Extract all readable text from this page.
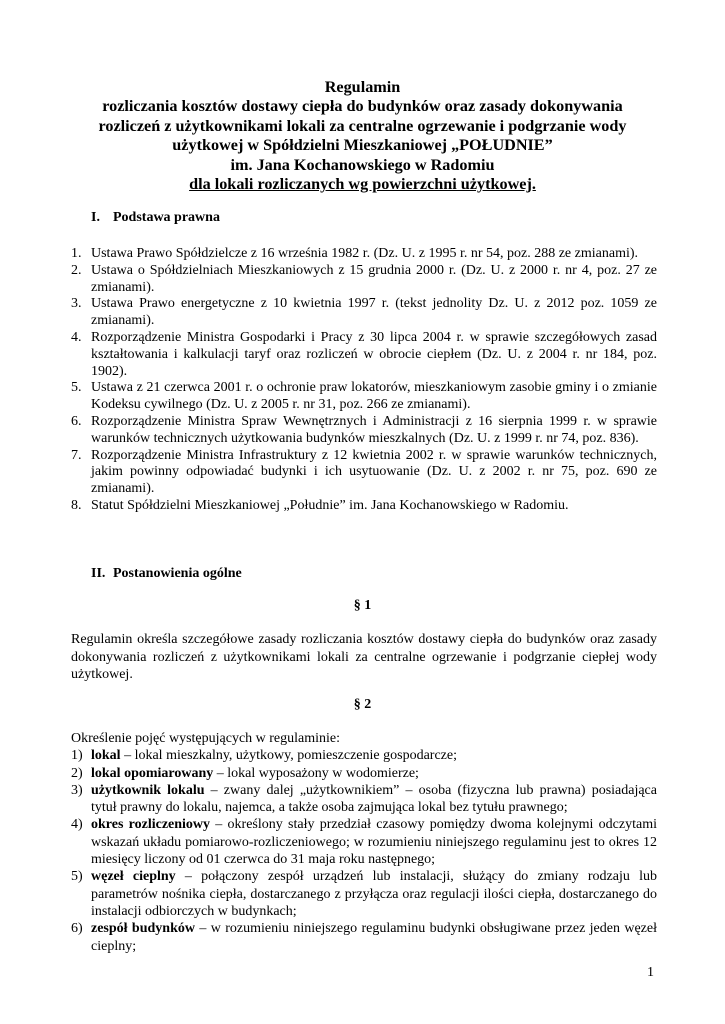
Regulamin
rozliczania kosztów dostawy ciepła do budynków oraz zasady dokonywania
rozliczeń z użytkownikami lokali za centralne ogrzewanie i podgrzanie wody
użytkowej w Spółdzielni Mieszkaniowej „POŁUDNIE”
im. Jana Kochanowskiego w Radomiu
dla lokali rozliczanych wg powierzchni użytkowej.
I. Podstawa prawna
1. Ustawa Prawo Spółdzielcze z 16 września 1982 r. (Dz. U. z 1995 r. nr 54, poz. 288 ze zmianami).
2. Ustawa o Spółdzielniach Mieszkaniowych z 15 grudnia 2000 r. (Dz. U. z 2000 r. nr 4, poz. 27 ze zmianami).
3. Ustawa Prawo energetyczne z 10 kwietnia 1997 r. (tekst jednolity Dz. U. z 2012 poz. 1059 ze zmianami).
4. Rozporządzenie Ministra Gospodarki i Pracy z 30 lipca 2004 r. w sprawie szczegółowych zasad kształtowania i kalkulacji taryf oraz rozliczeń w obrocie ciepłem (Dz. U. z 2004 r. nr 184, poz. 1902).
5. Ustawa z 21 czerwca 2001 r. o ochronie praw lokatorów, mieszkaniowym zasobie gminy i o zmianie Kodeksu cywilnego (Dz. U. z 2005 r. nr 31, poz. 266 ze zmianami).
6. Rozporządzenie Ministra Spraw Wewnętrznych i Administracji z 16 sierpnia 1999 r. w sprawie warunków technicznych użytkowania budynków mieszkalnych (Dz. U. z 1999 r. nr 74, poz. 836).
7. Rozporządzenie Ministra Infrastruktury z 12 kwietnia 2002 r. w sprawie warunków technicznych, jakim powinny odpowiadać budynki i ich usytuowanie (Dz. U. z 2002 r. nr 75, poz. 690 ze zmianami).
8. Statut Spółdzielni Mieszkaniowej „Południe” im. Jana Kochanowskiego w Radomiu.
II. Postanowienia ogólne
§ 1
Regulamin określa szczegółowe zasady rozliczania kosztów dostawy ciepła do budynków oraz zasady dokonywania rozliczeń z użytkownikami lokali za centralne ogrzewanie i podgrzanie ciepłej wody użytkowej.
§ 2
Określenie pojęć występujących w regulaminie:
1) lokal – lokal mieszkalny, użytkowy, pomieszczenie gospodarcze;
2) lokal opomiarowany – lokal wyposażony w wodomierze;
3) użytkownik lokalu – zwany dalej „użytkownikiem” – osoba (fizyczna lub prawna) posiadająca tytuł prawny do lokalu, najemca, a także osoba zajmująca lokal bez tytułu prawnego;
4) okres rozliczeniowy – określony stały przedział czasowy pomiędzy dwoma kolejnymi odczytami wskazań układu pomiarowo-rozliczeniowego; w rozumieniu niniejszego regulaminu jest to okres 12 miesięcy liczony od 01 czerwca do 31 maja roku następnego;
5) węzeł cieplny – połączony zespół urządzeń lub instalacji, służący do zmiany rodzaju lub parametrów nośnika ciepła, dostarczanego z przyłącza oraz regulacji ilości ciepła, dostarczanego do instalacji odbiorczych w budynkach;
6) zespół budynków – w rozumieniu niniejszego regulaminu budynki obsługiwane przez jeden węzeł cieplny;
1
